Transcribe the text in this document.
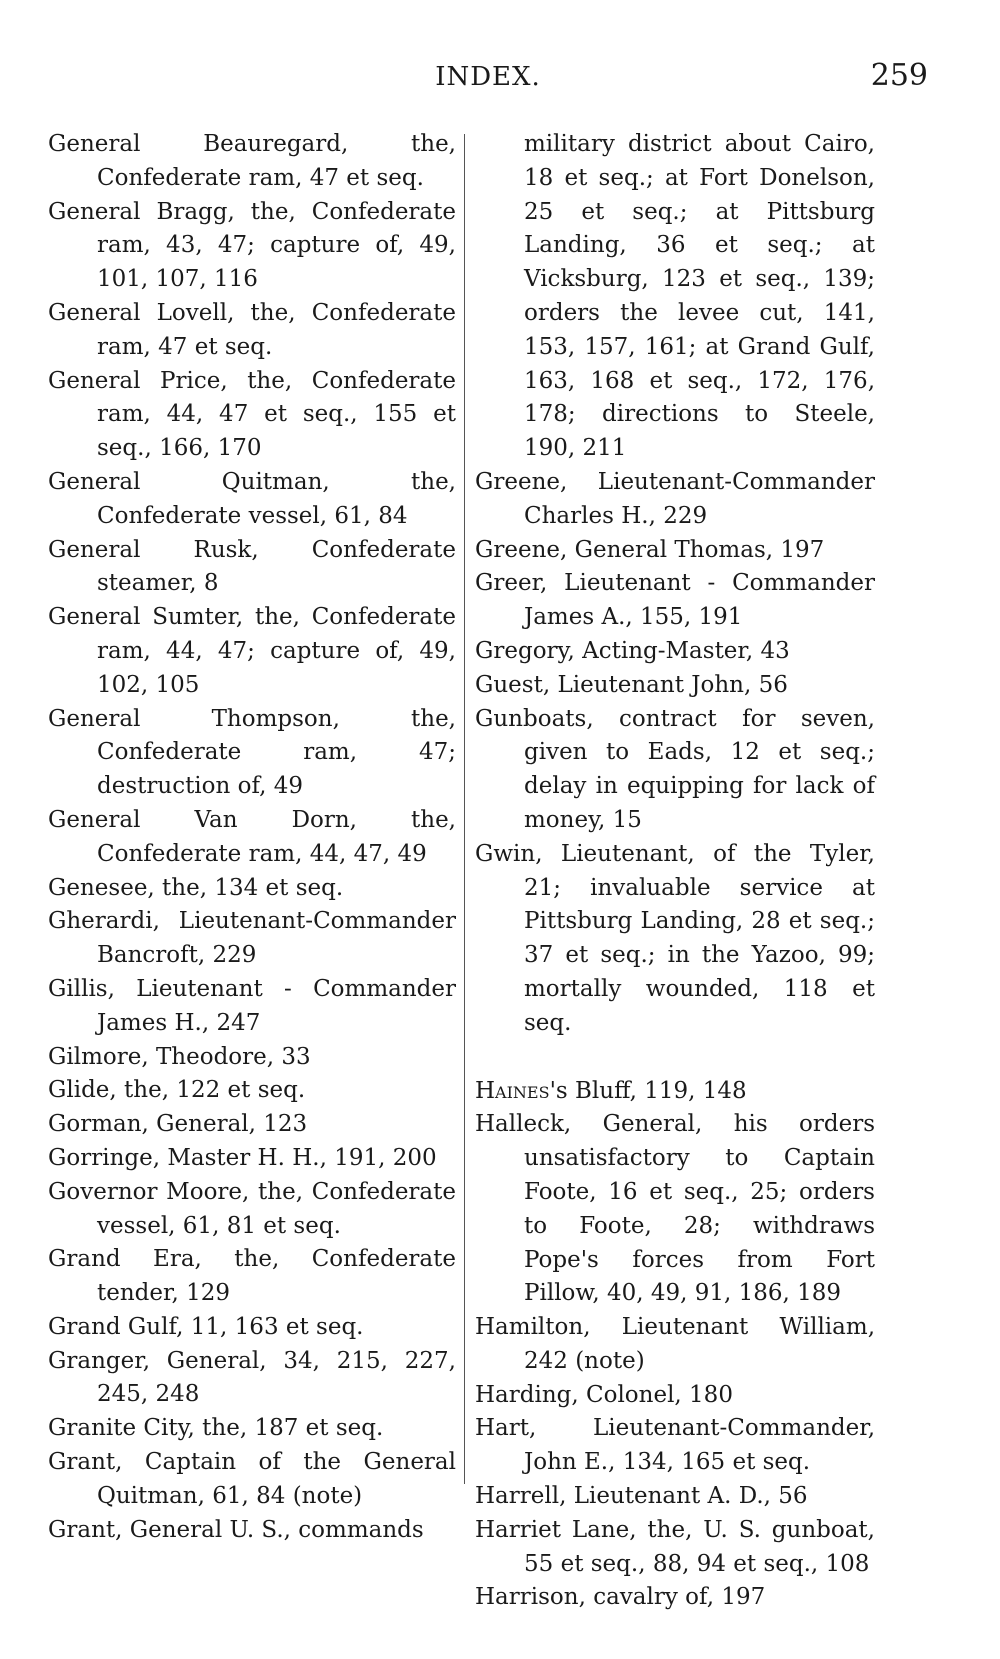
INDEX.	259

General Beauregard, the, Confederate ram, 47 et seq.

General Bragg, the, Confederate ram, 43, 47; capture of, 49, 101, 107, 116

General Lovell, the, Confederate ram, 47 et seq.

General Price, the, Confederate ram, 44, 47 et seq., 155 et seq., 166, 170

General Quitman, the, Confederate vessel, 61, 84

General Rusk, Confederate steamer, 8

General Sumter, the, Confederate ram, 44, 47; capture of, 49, 102, 105

General Thompson, the, Confederate ram, 47; destruction of, 49

General Van Dorn, the, Confederate ram, 44, 47, 49

Genesee, the, 134 et seq.

Gherardi, Lieutenant-Commander Bancroft, 229

Gillis, Lieutenant - Commander James H., 247

Gilmore, Theodore, 33

Glide, the, 122 et seq.

Gorman, General, 123

Gorringe, Master H. H., 191, 200

Governor Moore, the, Confederate vessel, 61, 81 et seq.

Grand Era, the, Confederate tender, 129

Grand Gulf, 11, 163 et seq.

Granger, General, 34, 215, 227, 245, 248

Granite City, the, 187 et seq.

Grant, Captain of the General Quitman, 61, 84 (note)

Grant, General U. S., commands

military district about Cairo, 18 et seq.; at Fort Donelson, 25 et seq.; at Pittsburg Landing, 36 et seq.; at Vicksburg, 123 et seq., 139; orders the levee cut, 141, 153, 157, 161; at Grand Gulf, 163, 168 et seq., 172, 176, 178; directions to Steele, 190, 211

Greene, Lieutenant-Commander Charles H., 229

Greene, General Thomas, 197

Greer, Lieutenant - Commander James A., 155, 191

Gregory, Acting-Master, 43

Guest, Lieutenant John, 56

Gunboats, contract for seven, given to Eads, 12 et seq.; delay in equipping for lack of money, 15

Gwin, Lieutenant, of the Tyler, 21; invaluable service at Pittsburg Landing, 28 et seq.; 37 et seq.; in the Yazoo, 99; mortally wounded, 118 et seq.

Haines's Bluff, 119, 148

Halleck, General, his orders unsatisfactory to Captain Foote, 16 et seq., 25; orders to Foote, 28; withdraws Pope's forces from Fort Pillow, 40, 49, 91, 186, 189

Hamilton, Lieutenant William, 242 (note)

Harding, Colonel, 180

Hart, Lieutenant-Commander, John E., 134, 165 et seq.

Harrell, Lieutenant A. D., 56

Harriet Lane, the, U. S. gunboat, 55 et seq., 88, 94 et seq., 108

Harrison, cavalry of, 197
